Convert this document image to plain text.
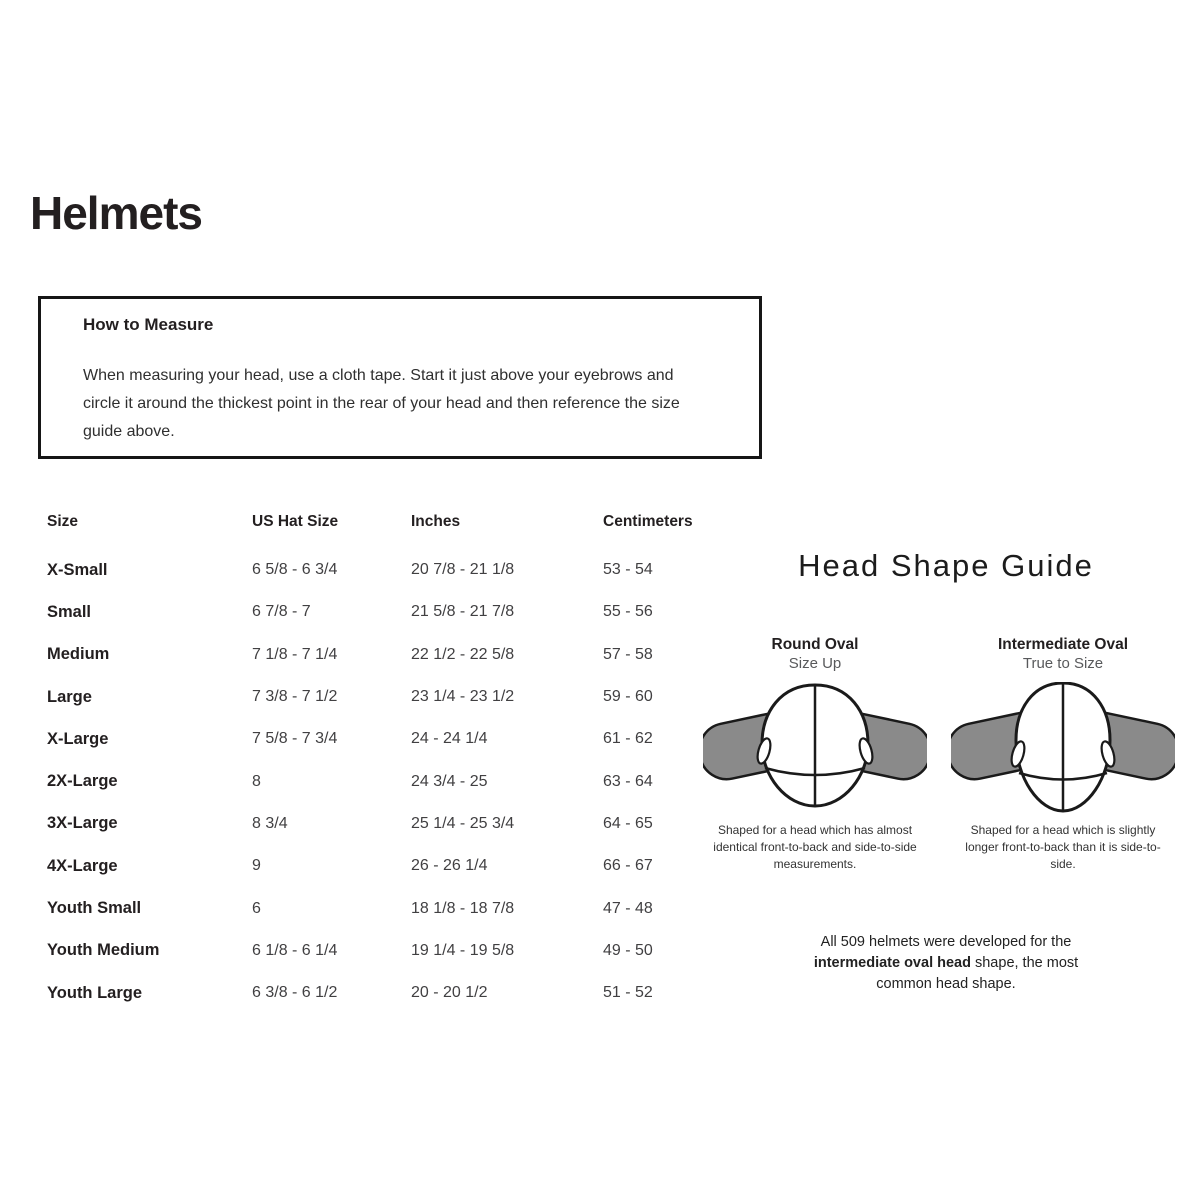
Helmets
How to Measure

When measuring your head, use a cloth tape. Start it just above your eyebrows and circle it around the thickest point in the rear of your head and then reference the size guide above.

Size	US Hat Size	Inches	Centimeters
X-Small	6 5/8 - 6 3/4	20 7/8 - 21 1/8	53 - 54
Small	6 7/8 - 7	21 5/8 - 21 7/8	55 - 56
Medium	7 1/8 - 7 1/4	22 1/2 - 22 5/8	57 - 58
Large	7 3/8 - 7 1/2	23 1/4 - 23 1/2	59 - 60
X-Large	7 5/8 - 7 3/4	24 - 24 1/4	61 - 62
2X-Large	8	24 3/4 - 25	63 - 64
3X-Large	8 3/4	25 1/4 - 25 3/4	64 - 65
4X-Large	9	26 - 26 1/4	66 - 67
Youth Small	6	18 1/8 - 18 7/8	47 - 48
Youth Medium	6 1/8 - 6 1/4	19 1/4 - 19 5/8	49 - 50
Youth Large	6 3/8 - 6 1/2	20 - 20 1/2	51 - 52
Head Shape Guide
Round Oval
Size Up
Shaped for a head which has almost identical front-to-back and side-to-side measurements.
Intermediate Oval
True to Size
Shaped for a head which is slightly longer front-to-back than it is side-to-side.

All 509 helmets were developed for the intermediate oval head shape, the most common head shape.
